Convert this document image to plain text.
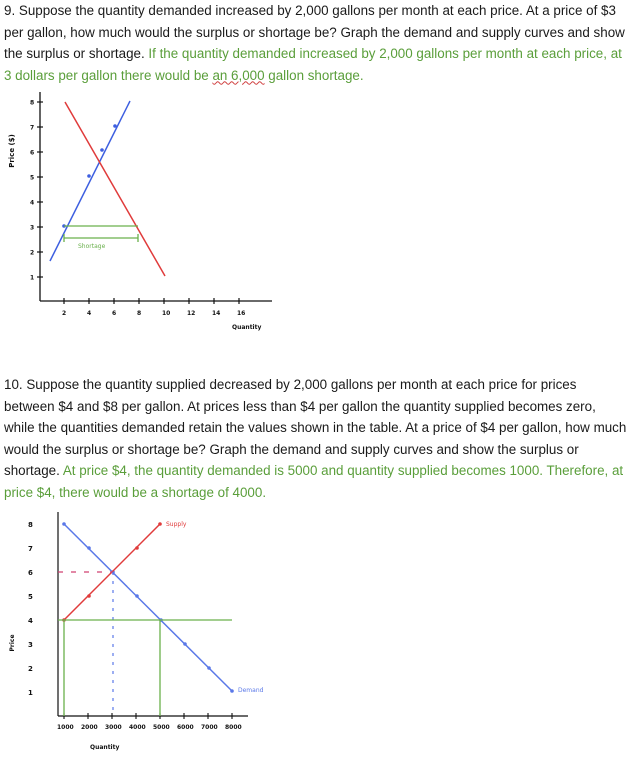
9. Suppose the quantity demanded increased by 2,000 gallons per month at each price. At a price of $3 per gallon, how much would the surplus or shortage be? Graph the demand and supply curves and show the surplus or shortage. If the quantity demanded increased by 2,000 gallons per month at each price, at 3 dollars per gallon there would be an 6,000 gallon shortage.
Price ($)
Quantity
8
7
6
5
4
3
2
1
2	4	6	8	10	12	14	16
Shortage
10. Suppose the quantity supplied decreased by 2,000 gallons per month at each price for prices between $4 and $8 per gallon. At prices less than $4 per gallon the quantity supplied becomes zero, while the quantities demanded retain the values shown in the table. At a price of $4 per gallon, how much would the surplus or shortage be? Graph the demand and supply curves and show the surplus or shortage. At price $4, the quantity demanded is 5000 and quantity supplied becomes 1000. Therefore, at price $4, there would be a shortage of 4000.
Price
Quantity
8
7
6
5
4
3
2
1
1000 2000 3000 4000 5000 6000 7000 8000
Supply
Demand
